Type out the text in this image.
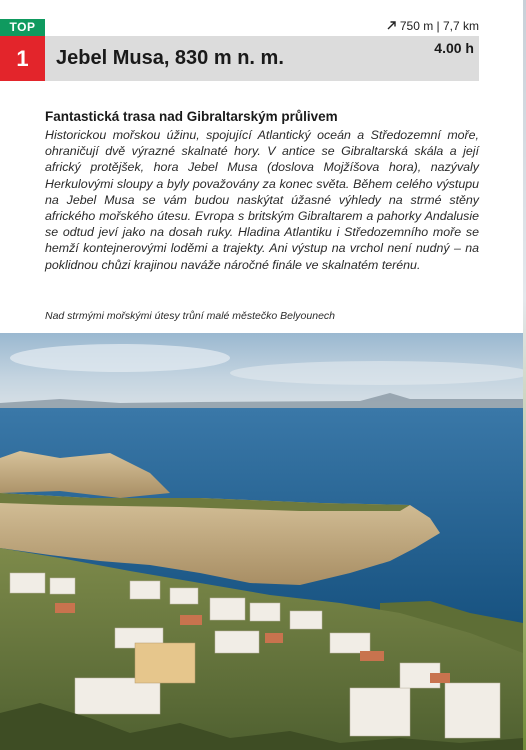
TOP
1	Jebel Musa, 830 m n. m.
750 m | 7,7 km
4.00 h
Fantastická trasa nad Gibraltarským průlivem

Historickou mořskou úžinu, spojující Atlantický oceán a Středozemní moře, ohraničují dvě výrazné skalnaté hory. V antice se Gibraltarská skála a její africký protějšek, hora Jebel Musa (doslova Mojžíšova hora), nazývaly Herkulovými sloupy a byly považovány za konec světa. Během celého výstupu na Jebel Musa se vám budou naskýtat úžasné výhledy na strmé stěny afrického mořského útesu. Evropa s britským Gibraltarem a pahorky Andalusie se odtud jeví jako na dosah ruky. Hladina Atlantiku i Středozemního moře se hemží kontejnerovými loděmi a trajekty. Ani výstup na vrchol není nudný – na poklidnou chůzi krajinou naváže náročné finále ve skalnatém terénu.

Nad strmými mořskými útesy trůní malé městečko Belyounech
